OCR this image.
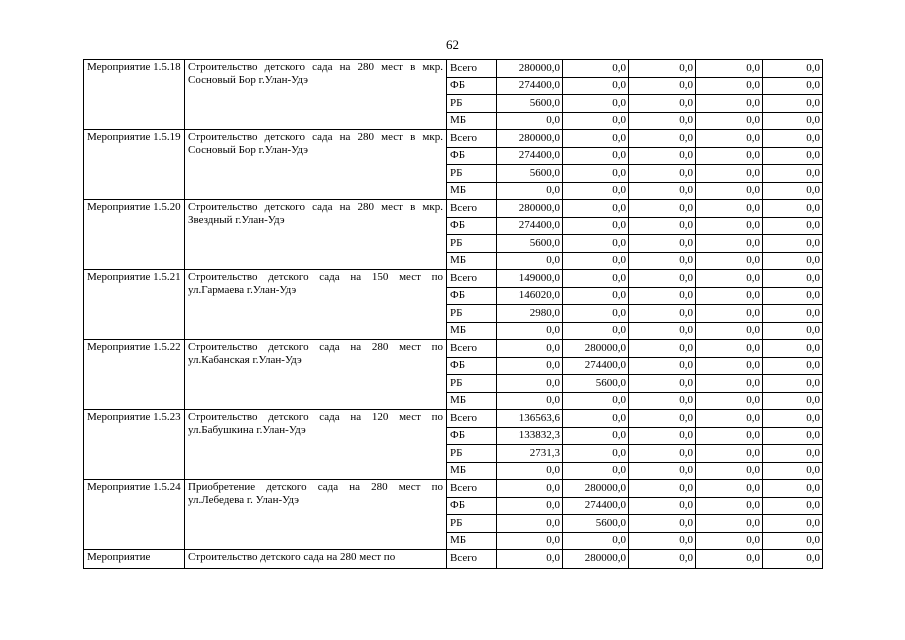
62
Мероприятие 1.5.18	Строительство детского сада на 280 мест в мкр. Сосновый Бор г.Улан-Удэ	Всего	280000,0	0,0	0,0	0,0	0,0
		ФБ	274400,0	0,0	0,0	0,0	0,0
		РБ	5600,0	0,0	0,0	0,0	0,0
		МБ	0,0	0,0	0,0	0,0	0,0
Мероприятие 1.5.19	Строительство детского сада на 280 мест в мкр. Сосновый Бор г.Улан-Удэ	Всего	280000,0	0,0	0,0	0,0	0,0
		ФБ	274400,0	0,0	0,0	0,0	0,0
		РБ	5600,0	0,0	0,0	0,0	0,0
		МБ	0,0	0,0	0,0	0,0	0,0
Мероприятие 1.5.20	Строительство детского сада на 280 мест в мкр. Звездный г.Улан-Удэ	Всего	280000,0	0,0	0,0	0,0	0,0
		ФБ	274400,0	0,0	0,0	0,0	0,0
		РБ	5600,0	0,0	0,0	0,0	0,0
		МБ	0,0	0,0	0,0	0,0	0,0
Мероприятие 1.5.21	Строительство детского сада на 150 мест по ул.Гармаева г.Улан-Удэ	Всего	149000,0	0,0	0,0	0,0	0,0
		ФБ	146020,0	0,0	0,0	0,0	0,0
		РБ	2980,0	0,0	0,0	0,0	0,0
		МБ	0,0	0,0	0,0	0,0	0,0
Мероприятие 1.5.22	Строительство детского сада на 280 мест по ул.Кабанская г.Улан-Удэ	Всего	0,0	280000,0	0,0	0,0	0,0
		ФБ	0,0	274400,0	0,0	0,0	0,0
		РБ	0,0	5600,0	0,0	0,0	0,0
		МБ	0,0	0,0	0,0	0,0	0,0
Мероприятие 1.5.23	Строительство детского сада на 120 мест по ул.Бабушкина г.Улан-Удэ	Всего	136563,6	0,0	0,0	0,0	0,0
		ФБ	133832,3	0,0	0,0	0,0	0,0
		РБ	2731,3	0,0	0,0	0,0	0,0
		МБ	0,0	0,0	0,0	0,0	0,0
Мероприятие 1.5.24	Приобретение детского сада на 280 мест по ул.Лебедева г. Улан-Удэ	Всего	0,0	280000,0	0,0	0,0	0,0
		ФБ	0,0	274400,0	0,0	0,0	0,0
		РБ	0,0	5600,0	0,0	0,0	0,0
		МБ	0,0	0,0	0,0	0,0	0,0
Мероприятие	Строительство детского сада на 280 мест по	Всего	0,0	280000,0	0,0	0,0	0,0
